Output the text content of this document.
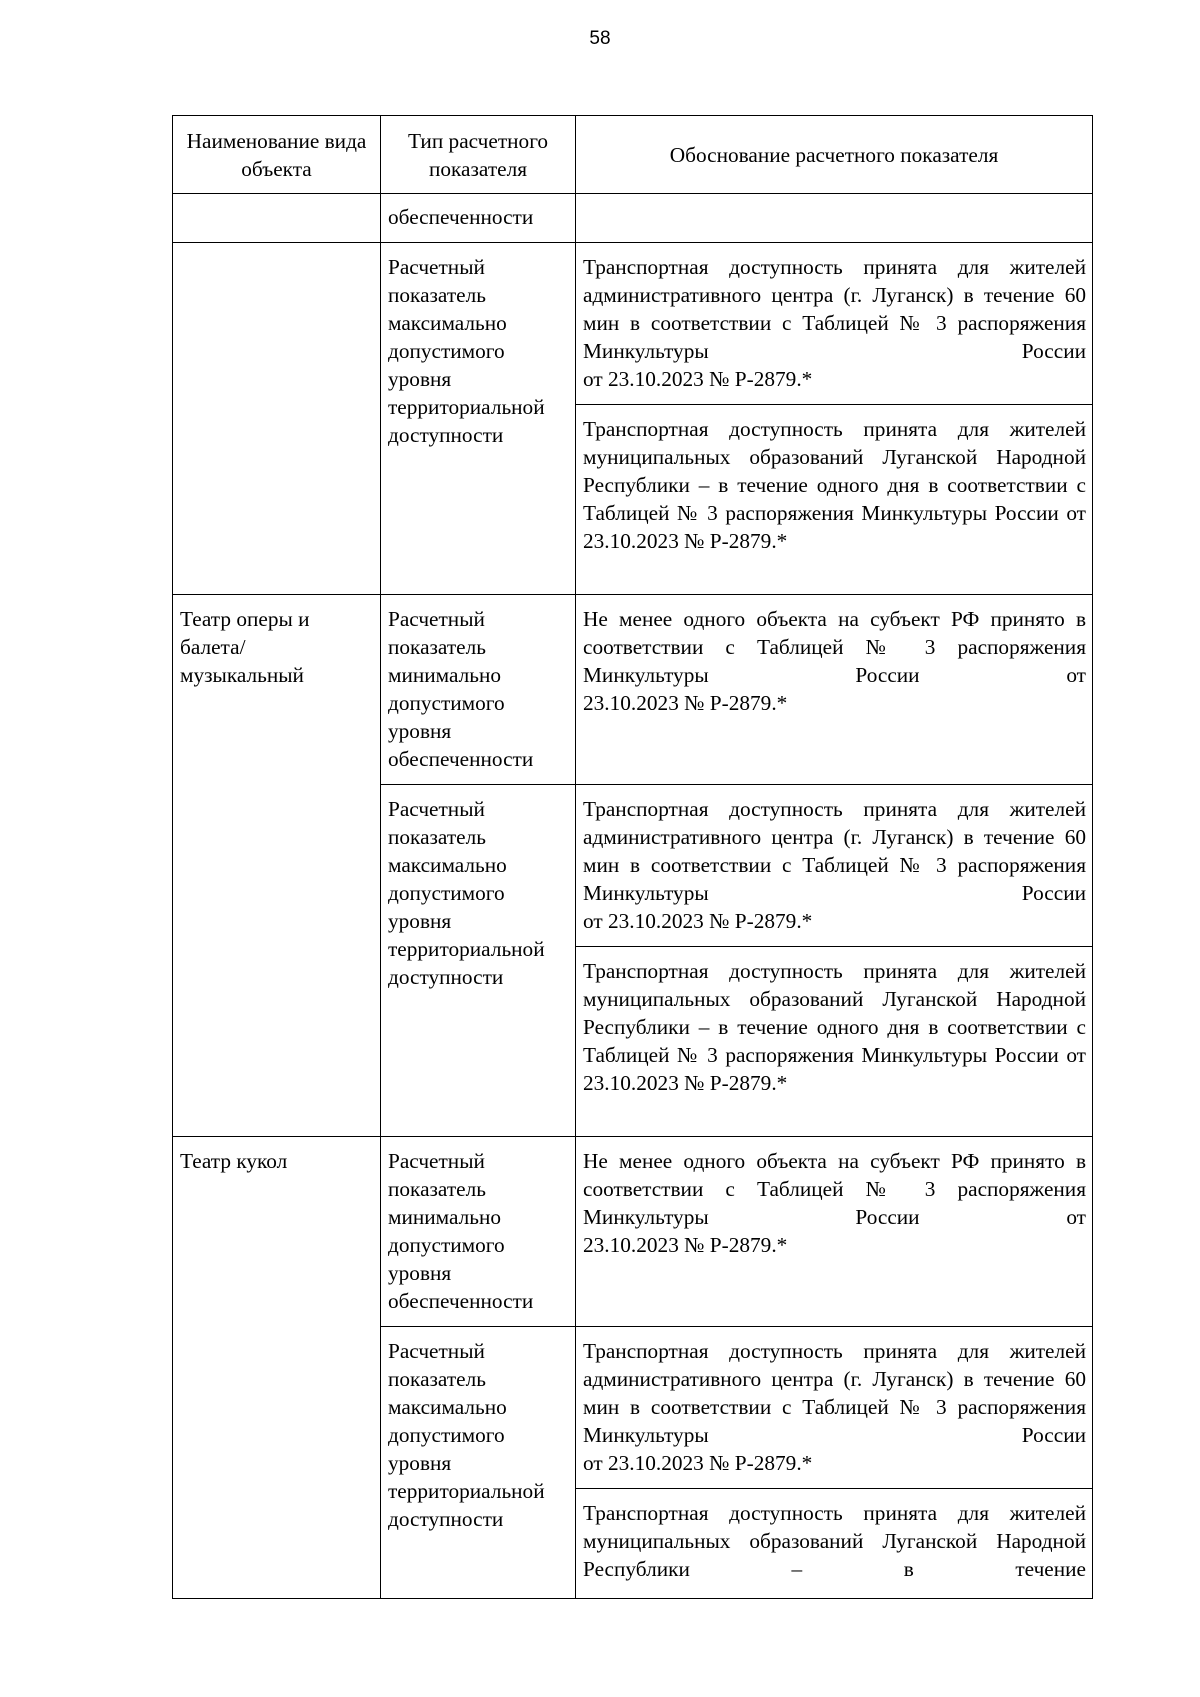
58
Наименование вида объекта	Тип расчетного показателя	Обоснование расчетного показателя
	обеспеченности	
	Расчетный показатель максимально допустимого уровня территориальной доступности	Транспортная доступность принята для жителей административного центра (г. Луганск) в течение 60 мин в соответствии с Таблицей № 3 распоряжения Минкультуры России
от 23.10.2023 № Р-2879.*

		Транспортная доступность принята для жителей муниципальных образований Луганской Народной Республики – в течение одного дня в соответствии с Таблицей № 3 распоряжения Минкультуры России от
23.10.2023 № Р-2879.*

Театр оперы и балета/ музыкальный	Расчетный показатель минимально допустимого уровня обеспеченности	Не менее одного объекта на субъект РФ принято в соответствии с Таблицей № 3 распоряжения Минкультуры России от
23.10.2023 № Р-2879.*

	Расчетный показатель максимально допустимого уровня территориальной доступности	Транспортная доступность принята для жителей административного центра (г. Луганск) в течение 60 мин в соответствии с Таблицей № 3 распоряжения Минкультуры России
от 23.10.2023 № Р-2879.*

		Транспортная доступность принята для жителей муниципальных образований Луганской Народной Республики – в течение одного дня в соответствии с Таблицей № 3 распоряжения Минкультуры России от
23.10.2023 № Р-2879.*

Театр кукол	Расчетный показатель минимально допустимого уровня обеспеченности	Не менее одного объекта на субъект РФ принято в соответствии с Таблицей № 3 распоряжения Минкультуры России от
23.10.2023 № Р-2879.*

	Расчетный показатель максимально допустимого уровня территориальной доступности	Транспортная доступность принята для жителей административного центра (г. Луганск) в течение 60 мин в соответствии с Таблицей № 3 распоряжения Минкультуры России
от 23.10.2023 № Р-2879.*

		Транспортная доступность принята для жителей муниципальных образований Луганской Народной Республики – в течение
